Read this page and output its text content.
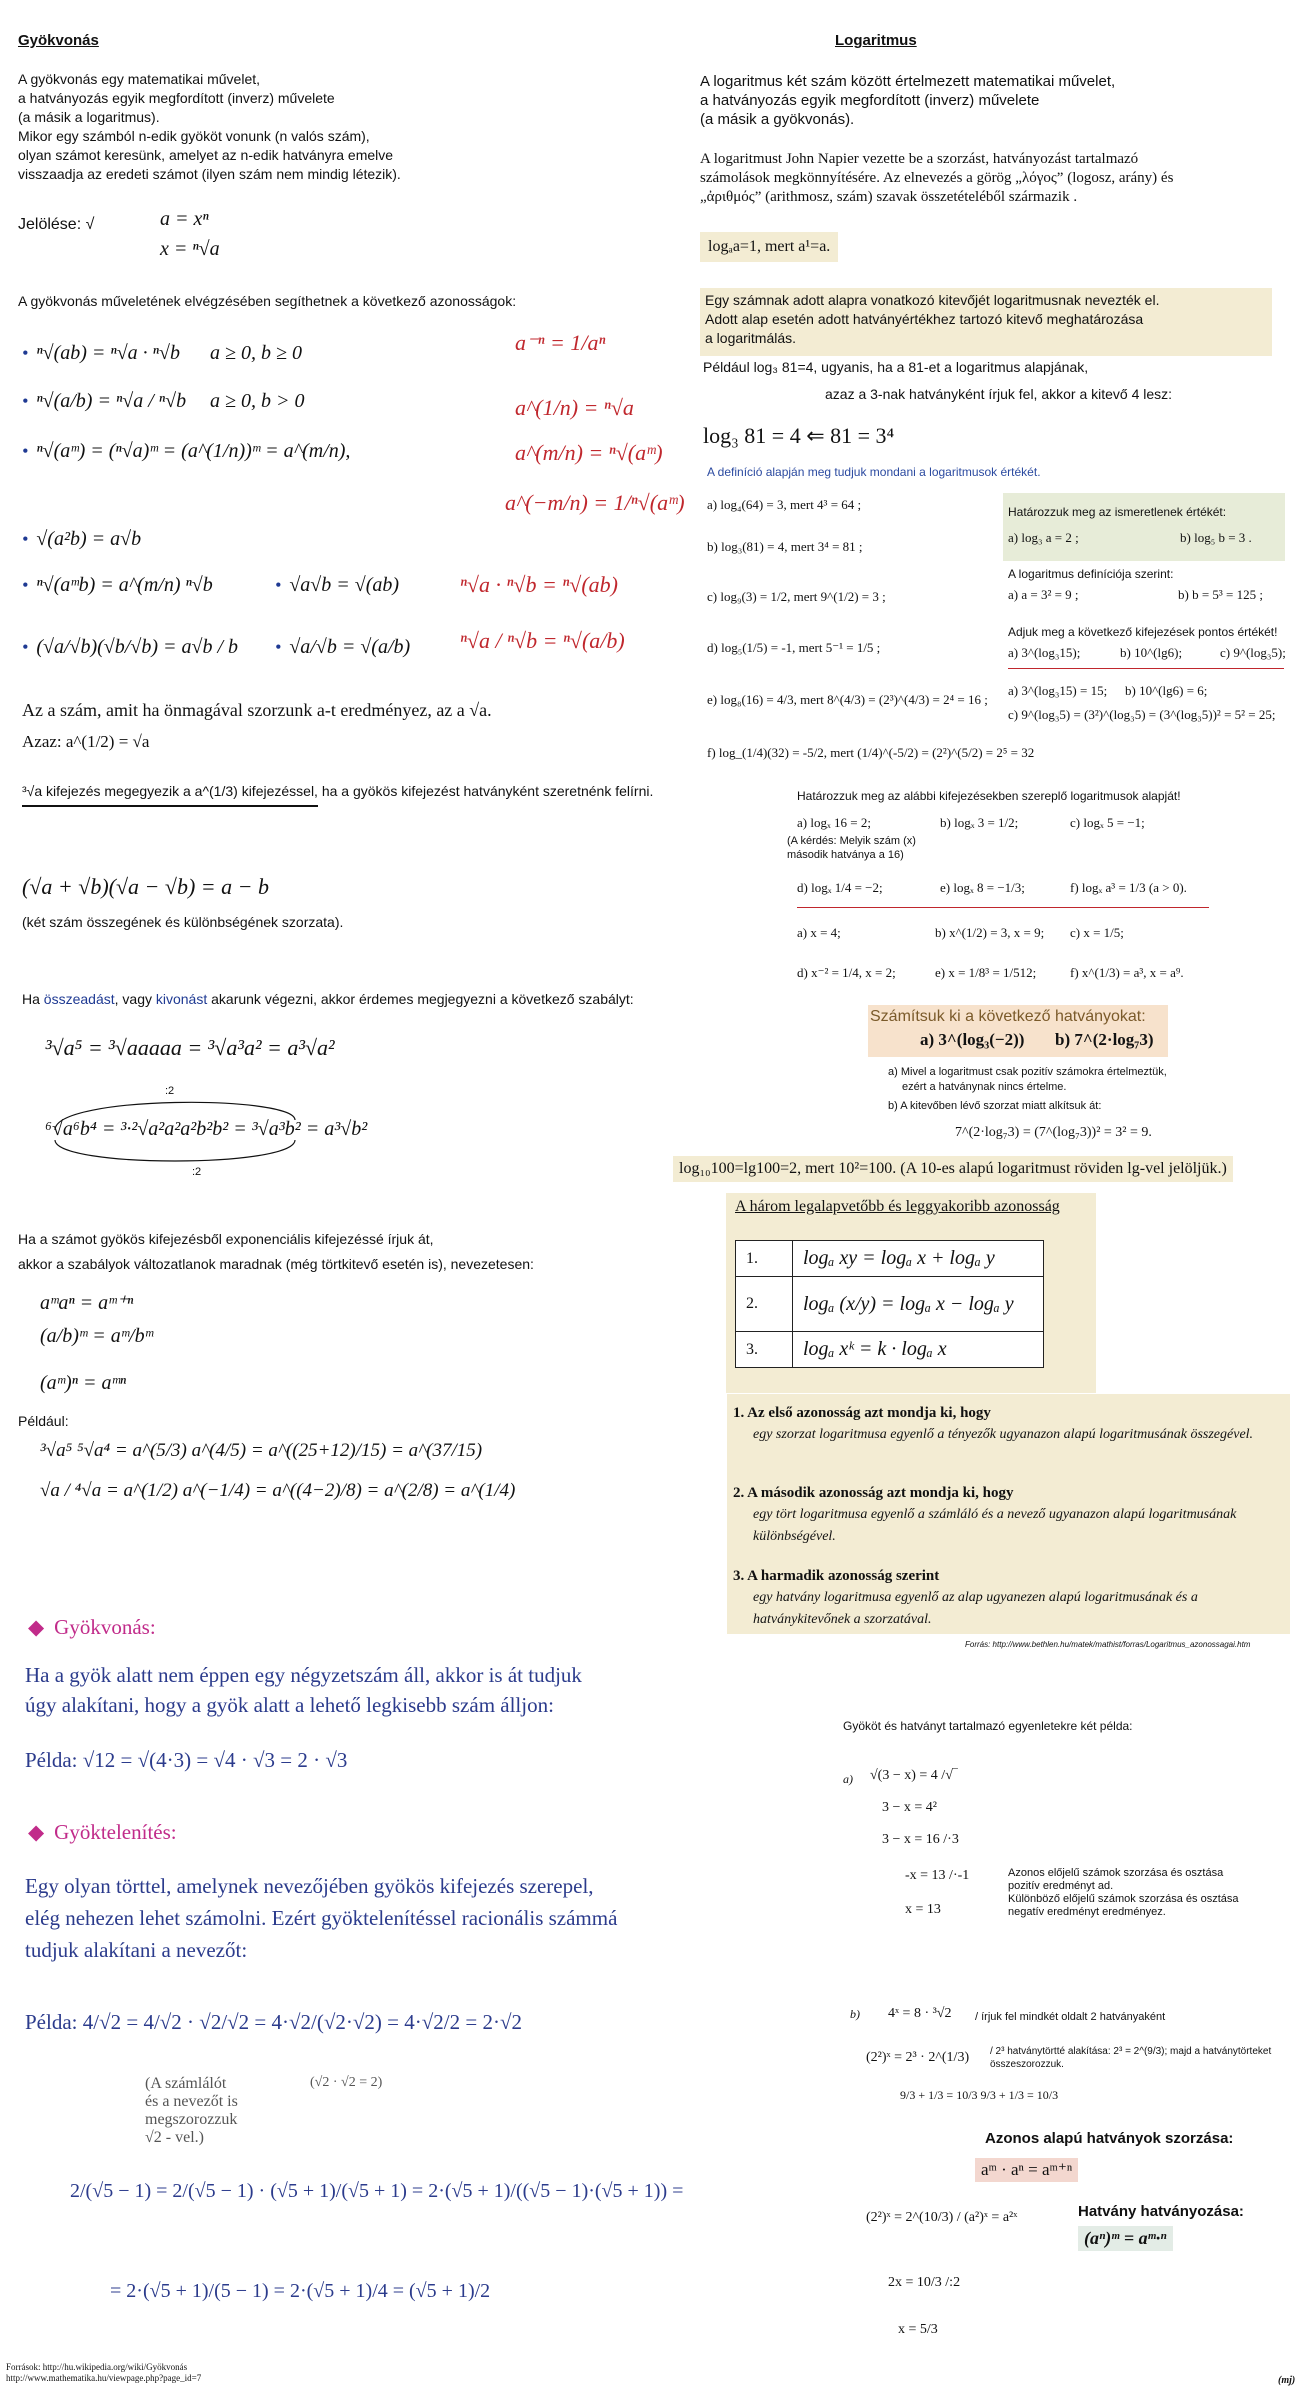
Gyökvonás
A gyökvonás egy matematikai művelet,
a hatványozás egyik megfordított (inverz) művelete
(a másik a logaritmus).
Mikor egy számból n-edik gyököt vonunk (n valós szám),
olyan számot keresünk, amelyet az n-edik hatványra emelve
visszaadja az eredeti számot (ilyen szám nem mindig létezik).
Jelölése: √	a = xⁿ
x = ⁿ√a
A gyökvonás műveletének elvégzésében segíthetnek a következő azonosságok:
• ⁿ√(ab) = ⁿ√a · ⁿ√b a ≥ 0, b ≥ 0
• ⁿ√(a/b) = ⁿ√a / ⁿ√b a ≥ 0, b > 0
• ⁿ√(aᵐ) = (ⁿ√a)ᵐ = (a^(1/n))ᵐ = a^(m/n),
• √(a²b) = a√b
• ⁿ√(aᵐb) = a^(m/n) ⁿ√b
• (√a/√b)(√b/√b) = a√b / b
• √a√b = √(ab)
• √a/√b = √(a/b)
a⁻ⁿ = 1/aⁿ
a^(1/n) = ⁿ√a
a^(m/n) = ⁿ√(aᵐ)
a^(−m/n) = 1/ⁿ√(aᵐ)
ⁿ√a · ⁿ√b = ⁿ√(ab)
ⁿ√a / ⁿ√b = ⁿ√(a/b)
Az a szám, amit ha önmagával szorzunk a-t eredményez, az a √a.
Azaz: a^(1/2) = √a
³√a kifejezés megegyezik a a^(1/3) kifejezéssel, ha a gyökös kifejezést hatványként szeretnénk felírni.
(√a + √b)(√a − √b) = a − b
(két szám összegének és különbségének szorzata).
Ha összeadást, vagy kivonást akarunk végezni, akkor érdemes megjegyezni a következő szabályt:
³√a⁵ = ³√aaaaa = ³√a³a² = a³√a²
:2
⁶√a⁶b⁴ = ³·²√a²a²a²b²b² = ³√a³b² = a³√b²
:2
Ha a számot gyökös kifejezésből exponenciális kifejezéssé írjuk át,
akkor a szabályok változatlanok maradnak (még törtkitevő esetén is), nevezetesen:
aᵐaⁿ = aᵐ⁺ⁿ
(a/b)ᵐ = aᵐ/bᵐ
(aᵐ)ⁿ = aᵐⁿ
Például:
³√a⁵ ⁵√a⁴ = a^(5/3) a^(4/5) = a^((25+12)/15) = a^(37/15)
√a / ⁴√a = a^(1/2) a^(−1/4) = a^((4−2)/8) = a^(2/8) = a^(1/4)
◆ Gyökvonás:
Ha a gyök alatt nem éppen egy négyzetszám áll, akkor is át tudjuk
úgy alakítani, hogy a gyök alatt a lehető legkisebb szám álljon:
Példa: √12 = √(4·3) = √4 · √3 = 2 · √3
◆ Gyöktelenítés:
Egy olyan törttel, amelynek nevezőjében gyökös kifejezés szerepel,
elég nehezen lehet számolni. Ezért gyöktelenítéssel racionális számmá
tudjuk alakítani a nevezőt:
Példa: 4/√2 = 4/√2 · √2/√2 = 4·√2/(√2·√2) = 4·√2/2 = 2·√2
(A számlálót
és a nevezőt is
megszorozzuk
√2 - vel.)
(√2 · √2 = 2)
2/(√5 − 1) = 2/(√5 − 1) · (√5 + 1)/(√5 + 1) = 2·(√5 + 1)/((√5 − 1)·(√5 + 1)) =
= 2·(√5 + 1)/(5 − 1) = 2·(√5 + 1)/4 = (√5 + 1)/2
Források: http://hu.wikipedia.org/wiki/Gyökvonás
http://www.mathematika.hu/viewpage.php?page_id=7
Logaritmus
A logaritmus két szám között értelmezett matematikai művelet,
a hatványozás egyik megfordított (inverz) művelete
(a másik a gyökvonás).
A logaritmust John Napier vezette be a szorzást, hatványozást tartalmazó
számolások megkönnyítésére. Az elnevezés a görög „λόγος” (logosz, arány) és
„ἀριθμός” (arithmosz, szám) szavak összetételéből származik .
logₐa=1, mert a¹=a.
Egy számnak adott alapra vonatkozó kitevőjét logaritmusnak nevezték el.
Adott alap esetén adott hatványértékhez tartozó kitevő meghatározása
a logaritmálás.
Például log₃ 81=4, ugyanis, ha a 81-et a logaritmus alapjának,
azaz a 3-nak hatványként írjuk fel, akkor a kitevő 4 lesz:
log₃ 81 = 4 ⇐ 81 = 3⁴
A definíció alapján meg tudjuk mondani a logaritmusok értékét.
a) log₄(64) = 3, mert 4³ = 64 ;
b) log₃(81) = 4, mert 3⁴ = 81 ;
c) log₉(3) = 1/2, mert 9^(1/2) = 3 ;
d) log₅(1/5) = -1, mert 5⁻¹ = 1/5 ;
e) log₈(16) = 4/3, mert 8^(4/3) = (2³)^(4/3) = 2⁴ = 16 ;
f) log_(1/4)(32) = -5/2, mert (1/4)^(-5/2) = (2²)^(5/2) = 2⁵ = 32
Határozzuk meg az ismeretlenek értékét:
a) log₃ a = 2 ;	b) log₅ b = 3 .
A logaritmus definíciója szerint:
a) a = 3² = 9 ;	b) b = 5³ = 125 ;
Adjuk meg a következő kifejezések pontos értékét!
a) 3^(log₃15);	b) 10^(lg6);	c) 9^(log₃5);
a) 3^(log₃15) = 15; b) 10^(lg6) = 6;
c) 9^(log₃5) = (3²)^(log₃5) = (3^(log₃5))² = 5² = 25;
Határozzuk meg az alábbi kifejezésekben szereplő logaritmusok alapját!
a) logₓ 16 = 2;	b) logₓ 3 = 1/2;	c) logₓ 5 = −1;
(A kérdés: Melyik szám (x)
második hatványa a 16)
d) logₓ 1/4 = −2;	e) logₓ 8 = −1/3;	f) logₓ a³ = 1/3 (a > 0).
a) x = 4;	b) x^(1/2) = 3, x = 9; c) x = 1/5;
d) x⁻² = 1/4, x = 2;	e) x = 1/8³ = 1/512;	f) x^(1/3) = a³, x = a⁹.
Számítsuk ki a következő hatványokat:
a) 3^(log₃(−2)) b) 7^(2·log₇3)
a) Mivel a logaritmust csak pozitív számokra értelmeztük,
ezért a hatványnak nincs értelme.
b) A kitevőben lévő szorzat miatt alkítsuk át:
7^(2·log₇3) = (7^(log₇3))² = 3² = 9.
log₁₀100=lg100=2, mert 10²=100. (A 10-es alapú logaritmust röviden lg-vel jelöljük.)
A három legalapvetőbb és leggyakoribb azonosság
1.	logₐ xy = logₐ x + logₐ y
2.	logₐ (x/y) = logₐ x − logₐ y
3.	logₐ xᵏ = k · logₐ x
1. Az első azonosság azt mondja ki, hogy
egy szorzat logaritmusa egyenlő a tényezők ugyanazon alapú logaritmusának összegével.
2. A második azonosság azt mondja ki, hogy
egy tört logaritmusa egyenlő a számláló és a nevező ugyanazon alapú logaritmusának különbségével.
3. A harmadik azonosság szerint
egy hatvány logaritmusa egyenlő az alap ugyanezen alapú logaritmusának és a hatványkitevőnek a szorzatával.
Forrás: http://www.bethlen.hu/matek/mathist/forras/Logaritmus_azonossagai.htm
Gyököt és hatványt tartalmazó egyenletekre két példa:
a) √(3 − x) = 4 /√‾
3 − x = 4²
3 − x = 16 /·3
-x = 13 /·-1
x = 13
Azonos előjelű számok szorzása és osztása
pozitív eredményt ad.
Különböző előjelű számok szorzása és osztása
negatív eredményt eredményez.
b) 4ˣ = 8 · ³√2 / írjuk fel mindkét oldalt 2 hatványaként
(2²)ˣ = 2³ · 2^(1/3) / 2³ hatványtörtté alakítása: 2³ = 2^(9/3); majd a hatványtörteket összeszorozzuk.
9/3 + 1/3 = 10/3 9/3 + 1/3 = 10/3
Azonos alapú hatványok szorzása:
aᵐ · aⁿ = aᵐ⁺ⁿ
(2²)ˣ = 2^(10/3) / (a²)ˣ = a²ˣ	Hatvány hatványozása:
(aⁿ)ᵐ = aᵐ·ⁿ
2x = 10/3 /:2
x = 5/3
(mj)
